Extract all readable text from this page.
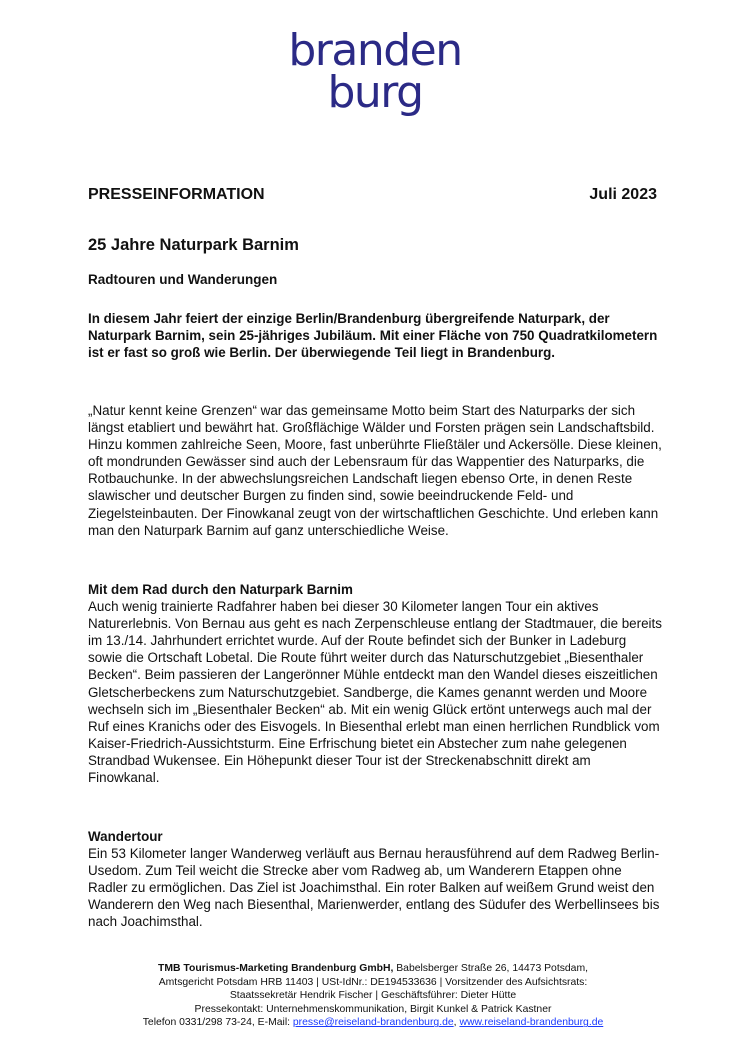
branden
burg
PRESSEINFORMATION	Juli 2023
25 Jahre Naturpark Barnim
Radtouren und Wanderungen
In diesem Jahr feiert der einzige Berlin/Brandenburg übergreifende Naturpark, der Naturpark Barnim, sein 25-jähriges Jubiläum. Mit einer Fläche von 750 Quadratkilometern ist er fast so groß wie Berlin. Der überwiegende Teil liegt in Brandenburg.
„Natur kennt keine Grenzen“ war das gemeinsame Motto beim Start des Naturparks der sich längst etabliert und bewährt hat. Großflächige Wälder und Forsten prägen sein Landschaftsbild. Hinzu kommen zahlreiche Seen, Moore, fast unberührte Fließtäler und Ackersölle. Diese kleinen, oft mondrunden Gewässer sind auch der Lebensraum für das Wappentier des Naturparks, die Rotbauchunke. In der abwechslungsreichen Landschaft liegen ebenso Orte, in denen Reste slawischer und deutscher Burgen zu finden sind, sowie beeindruckende Feld- und Ziegelsteinbauten. Der Finowkanal zeugt von der wirtschaftlichen Geschichte. Und erleben kann man den Naturpark Barnim auf ganz unterschiedliche Weise.
Mit dem Rad durch den Naturpark Barnim
Auch wenig trainierte Radfahrer haben bei dieser 30 Kilometer langen Tour ein aktives Naturerlebnis. Von Bernau aus geht es nach Zerpenschleuse entlang der Stadtmauer, die bereits im 13./14. Jahrhundert errichtet wurde. Auf der Route befindet sich der Bunker in Ladeburg sowie die Ortschaft Lobetal. Die Route führt weiter durch das Naturschutzgebiet „Biesenthaler Becken“. Beim passieren der Langerönner Mühle entdeckt man den Wandel dieses eiszeitlichen Gletscherbeckens zum Naturschutzgebiet. Sandberge, die Kames genannt werden und Moore wechseln sich im „Biesenthaler Becken“ ab. Mit ein wenig Glück ertönt unterwegs auch mal der Ruf eines Kranichs oder des Eisvogels. In Biesenthal erlebt man einen herrlichen Rundblick vom Kaiser-Friedrich-Aussichtsturm. Eine Erfrischung bietet ein Abstecher zum nahe gelegenen Strandbad Wukensee. Ein Höhepunkt dieser Tour ist der Streckenabschnitt direkt am Finowkanal.
Wandertour
Ein 53 Kilometer langer Wanderweg verläuft aus Bernau herausführend auf dem Radweg Berlin-Usedom. Zum Teil weicht die Strecke aber vom Radweg ab, um Wanderern Etappen ohne Radler zu ermöglichen. Das Ziel ist Joachimsthal. Ein roter Balken auf weißem Grund weist den Wanderern den Weg nach Biesenthal, Marienwerder, entlang des Südufer des Werbellinsees bis nach Joachimsthal.
TMB Tourismus-Marketing Brandenburg GmbH, Babelsberger Straße 26, 14473 Potsdam,
Amtsgericht Potsdam HRB 11403 | USt-IdNr.: DE194533636 | Vorsitzender des Aufsichtsrats:
Staatssekretär Hendrik Fischer | Geschäftsführer: Dieter Hütte
Pressekontakt: Unternehmenskommunikation, Birgit Kunkel & Patrick Kastner
Telefon 0331/298 73-24, E-Mail: presse@reiseland-brandenburg.de, www.reiseland-brandenburg.de
